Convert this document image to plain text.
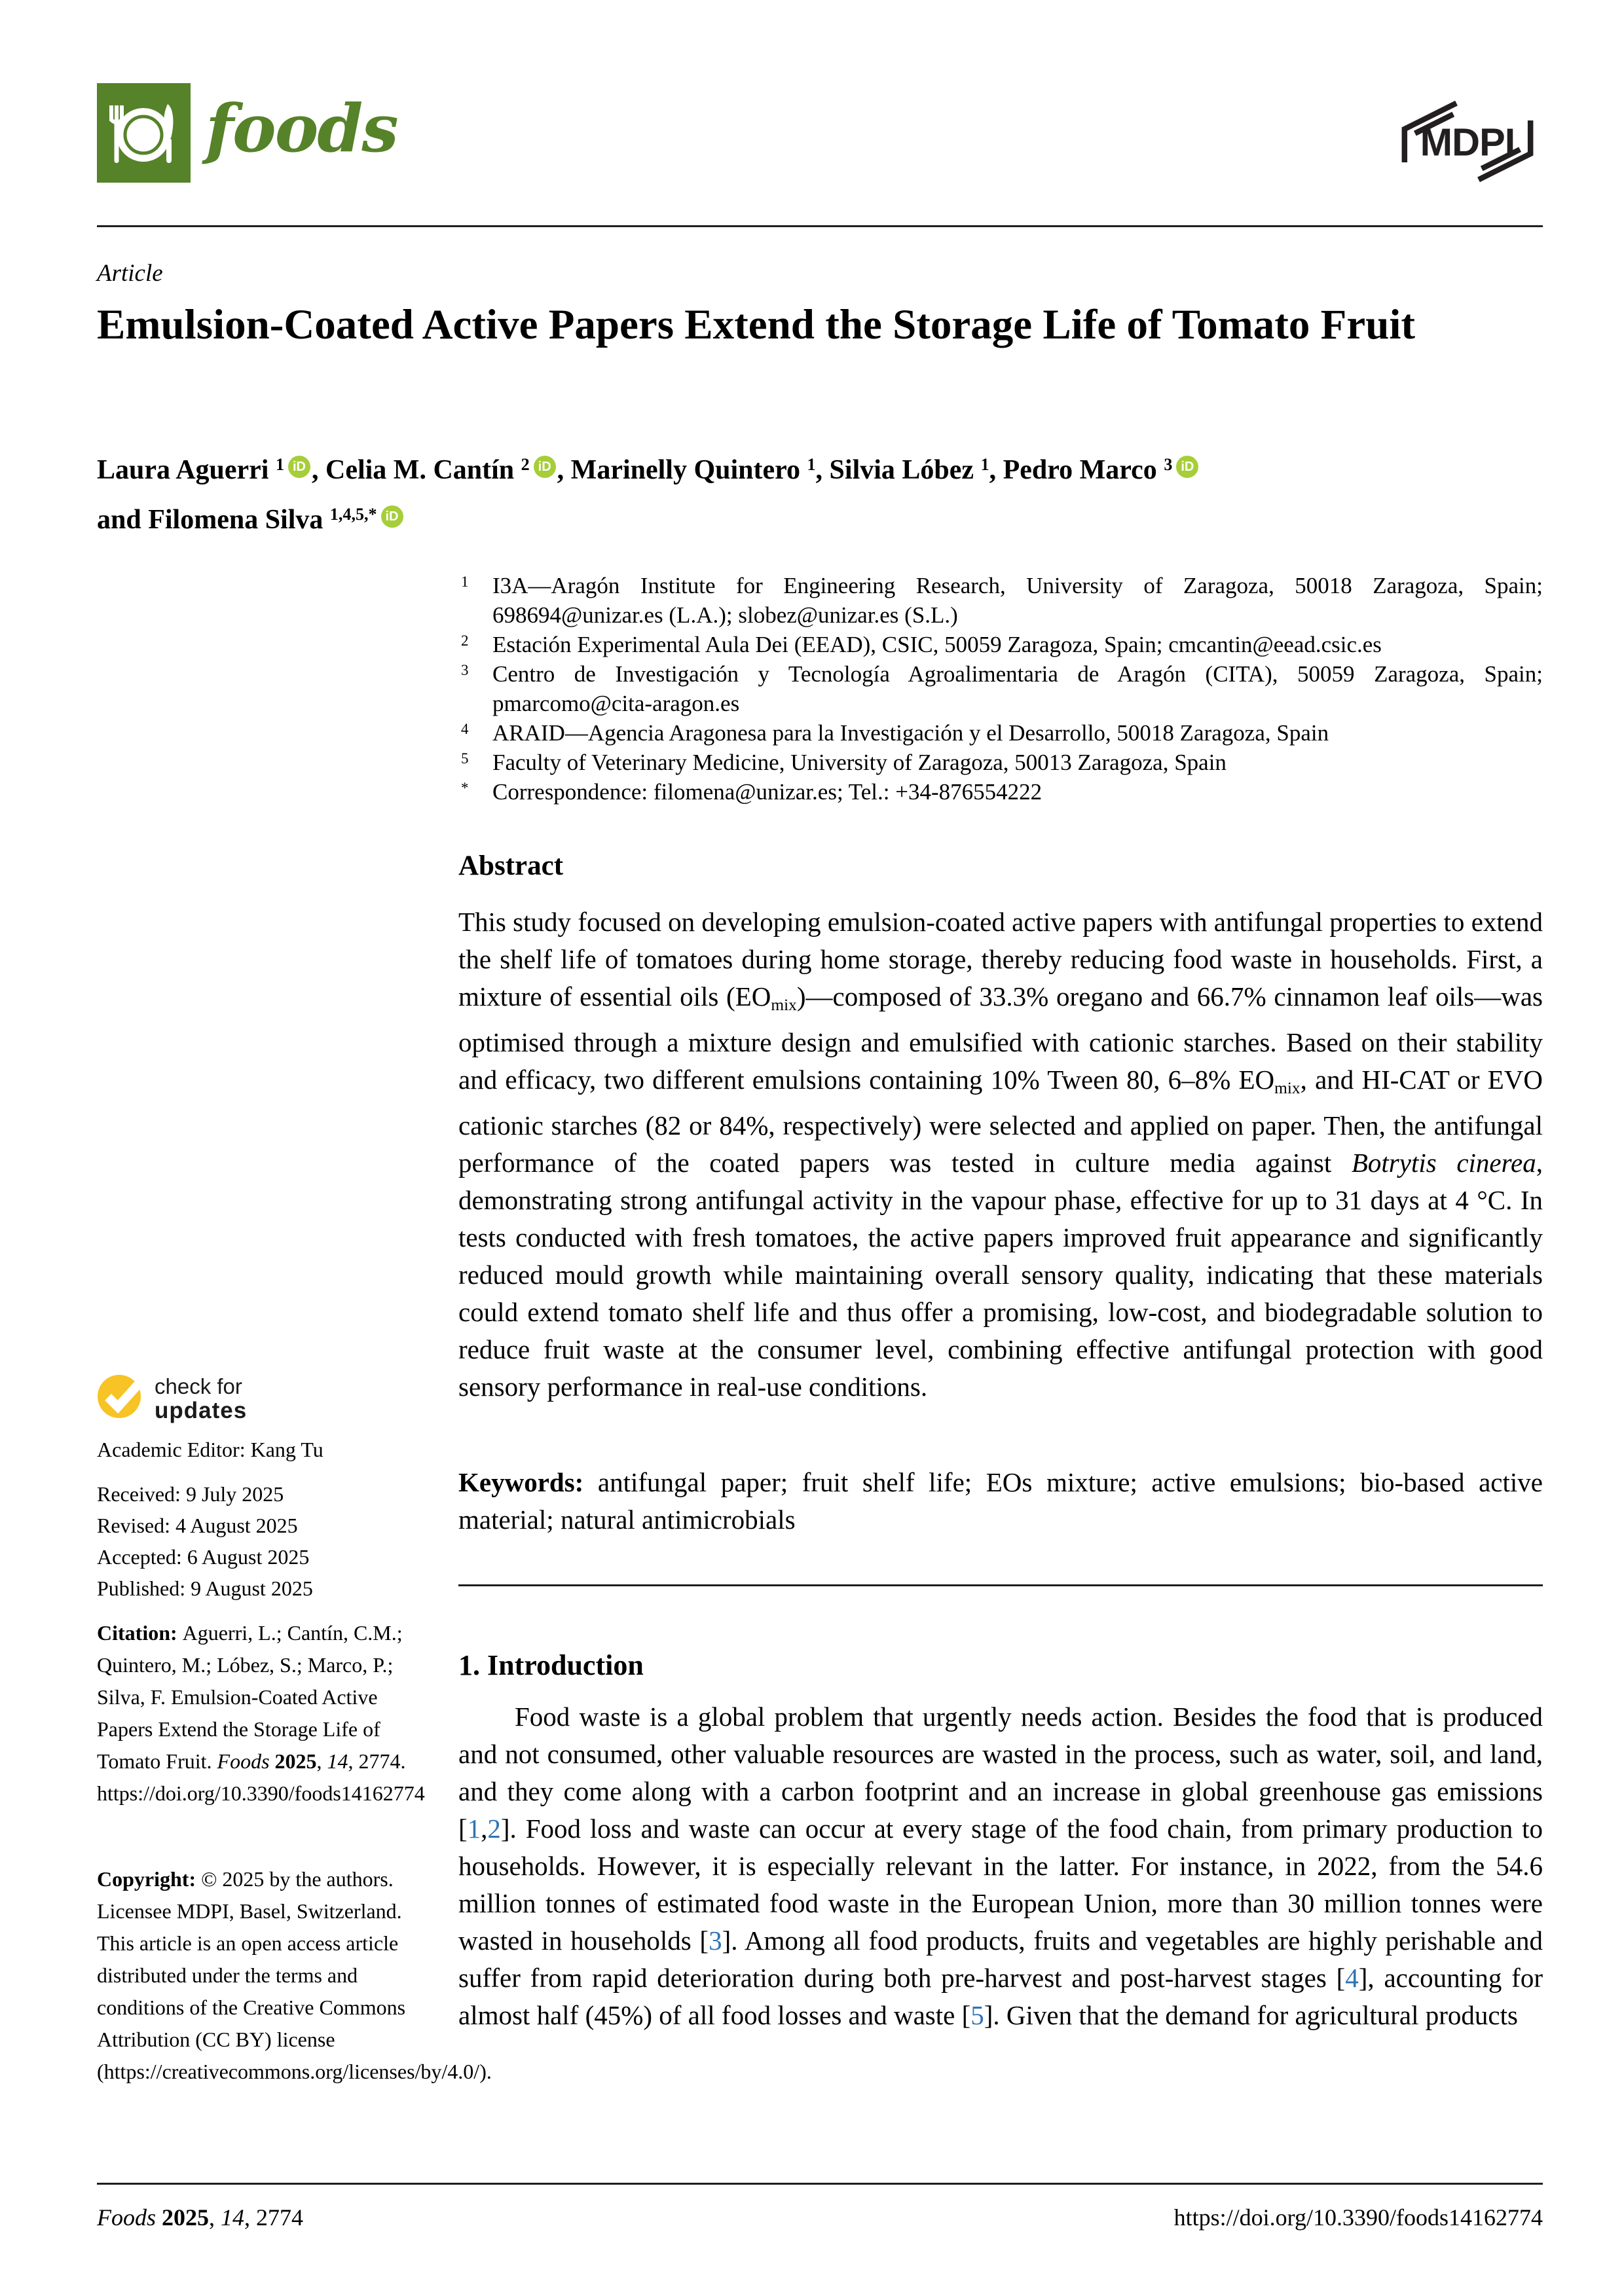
foods	MDPI
Article
Emulsion-Coated Active Papers Extend the Storage Life of Tomato Fruit
Laura Aguerri $^1$ iD , Celia M. Cantín $^2$ iD , Marinelly Quintero $^1$, Silvia Lóbez $^1$, Pedro Marco $^3$ iD
and Filomena Silva $^{1,4,5,*}$ iD
1 I3A—Aragón Institute for Engineering Research, University of Zaragoza, 50018 Zaragoza, Spain; 698694@unizar.es (L.A.); slobez@unizar.es (S.L.)
2 Estación Experimental Aula Dei (EEAD), CSIC, 50059 Zaragoza, Spain; cmcantin@eead.csic.es
3 Centro de Investigación y Tecnología Agroalimentaria de Aragón (CITA), 50059 Zaragoza, Spain; pmarcomo@cita-aragon.es
4 ARAID—Agencia Aragonesa para la Investigación y el Desarrollo, 50018 Zaragoza, Spain
5 Faculty of Veterinary Medicine, University of Zaragoza, 50013 Zaragoza, Spain
* Correspondence: filomena@unizar.es; Tel.: +34-876554222
Abstract

This study focused on developing emulsion-coated active papers with antifungal properties to extend the shelf life of tomatoes during home storage, thereby reducing food waste in households. First, a mixture of essential oils (EOmix)—composed of 33.3% oregano and 66.7% cinnamon leaf oils—was optimised through a mixture design and emulsified with cationic starches. Based on their stability and efficacy, two different emulsions containing 10% Tween 80, 6–8% EOmix, and HI-CAT or EVO cationic starches (82 or 84%, respectively) were selected and applied on paper. Then, the antifungal performance of the coated papers was tested in culture media against Botrytis cinerea, demonstrating strong antifungal activity in the vapour phase, effective for up to 31 days at 4 °C. In tests conducted with fresh tomatoes, the active papers improved fruit appearance and significantly reduced mould growth while maintaining overall sensory quality, indicating that these materials could extend tomato shelf life and thus offer a promising, low-cost, and biodegradable solution to reduce fruit waste at the consumer level, combining effective antifungal protection with good sensory performance in real-use conditions.

Keywords: antifungal paper; fruit shelf life; EOs mixture; active emulsions; bio-based active material; natural antimicrobials

1. Introduction

Food waste is a global problem that urgently needs action. Besides the food that is produced and not consumed, other valuable resources are wasted in the process, such as water, soil, and land, and they come along with a carbon footprint and an increase in global greenhouse gas emissions [1,2]. Food loss and waste can occur at every stage of the food chain, from primary production to households. However, it is especially relevant in the latter. For instance, in 2022, from the 54.6 million tonnes of estimated food waste in the European Union, more than 30 million tonnes were wasted in households [3]. Among all food products, fruits and vegetables are highly perishable and suffer from rapid deterioration during both pre-harvest and post-harvest stages [4], accounting for almost half (45%) of all food losses and waste [5]. Given that the demand for agricultural products

check for
updates
Academic Editor: Kang Tu
Received: 9 July 2025
Revised: 4 August 2025
Accepted: 6 August 2025
Published: 9 August 2025
Citation: Aguerri, L.; Cantín, C.M.; Quintero, M.; Lóbez, S.; Marco, P.; Silva, F. Emulsion-Coated Active Papers Extend the Storage Life of Tomato Fruit. Foods 2025, 14, 2774. https://doi.org/10.3390/foods14162774
Copyright: © 2025 by the authors. Licensee MDPI, Basel, Switzerland. This article is an open access article distributed under the terms and conditions of the Creative Commons Attribution (CC BY) license (https://creativecommons.org/licenses/by/4.0/).
Foods 2025, 14, 2774	https://doi.org/10.3390/foods14162774
